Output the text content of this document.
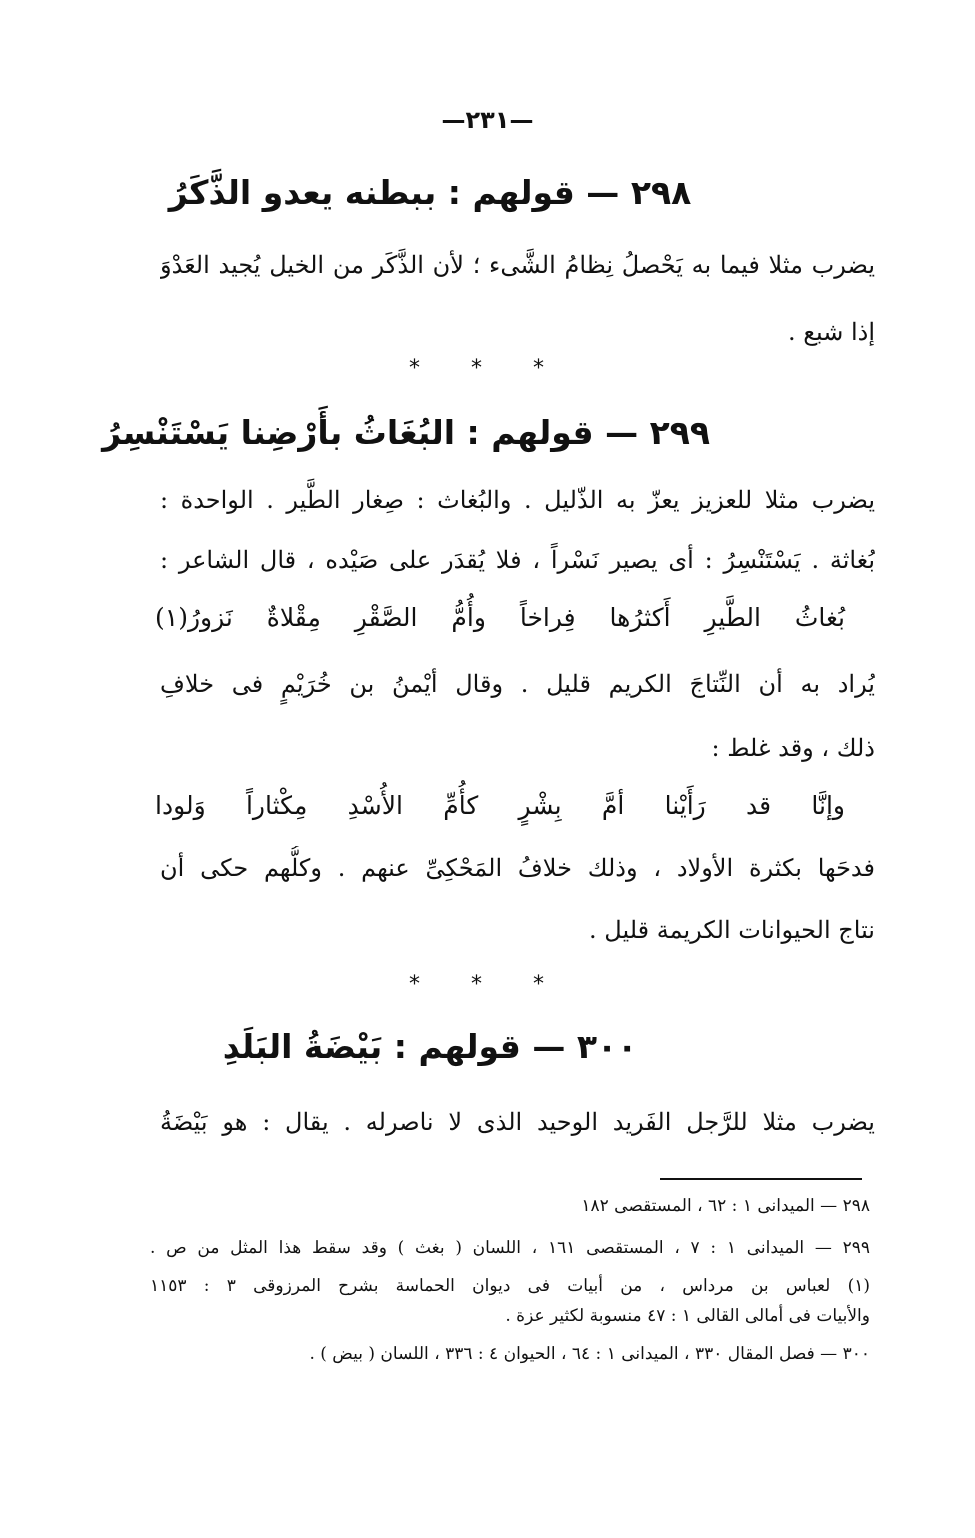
—٢٣١—
٢٩٨ — قولهم : ببطنه يعدو الذَّكَرُ
يضرب مثلا فيما به يَحْصلُ نِظامُ الشَّىء ؛ لأن الذَّكَر من الخيل يُجيد العَدْوَ
إذا شبع .
* * *
٢٩٩ — قولهم : البُغَاثُ بأَرْضِنا يَسْتَنْسِرُ
يضرب مثلا للعزيز يعزّ به الذّليل . والبُغاث : صِغار الطَّير . الواحدة :
بُغاثة . يَسْتَنْسِرُ : أى يصير نَسْراً ، فلا يُقدَر على صَيْده ، قال الشاعر :
بُغاثُ الطَّيرِ أَكثرُها فِراخاً وأُمُّ الصَّقْرِ مِقْلاةٌ نَزورُ(١)
يُراد به أن النِّتاجَ الكريم قليل . وقال أيْمنُ بن خُرَيْمٍ فى خلافِ
ذلك ، وقد غلط :
وإنَّا قد رَأَيْنا أمَّ بِشْرٍ كأُمِّ الأُسْدِ مِكْثاراً وَلودا
فدحَها بكثرة الأولاد ، وذلك خلافُ المَحْكِىِّ عنهم . وكلُّهم حكى أن
نتاج الحيوانات الكريمة قليل .
* * *
٣٠٠ — قولهم : بَيْضَةُ البَلَدِ
يضرب مثلا للرَّجل الفَريد الوحيد الذى لا ناصرله . يقال : هو بَيْضَةُ
٢٩٨ — الميدانى ١ : ٦٢ ، المستقصى ١٨٢
٢٩٩ — الميدانى ١ : ٧ ، المستقصى ١٦١ ، اللسان ( بغث ) وقد سقط هذا المثل من ص .
(١) لعباس بن مرداس ، من أبيات فى ديوان الحماسة بشرح المرزوقى ٣ : ١١٥٣
والأبيات فى أمالى القالى ١ : ٤٧ منسوبة لكثير عزة .
٣٠٠ — فصل المقال ٣٣٠ ، الميدانى ١ : ٦٤ ، الحيوان ٤ : ٣٣٦ ، اللسان ( بيض ) .
